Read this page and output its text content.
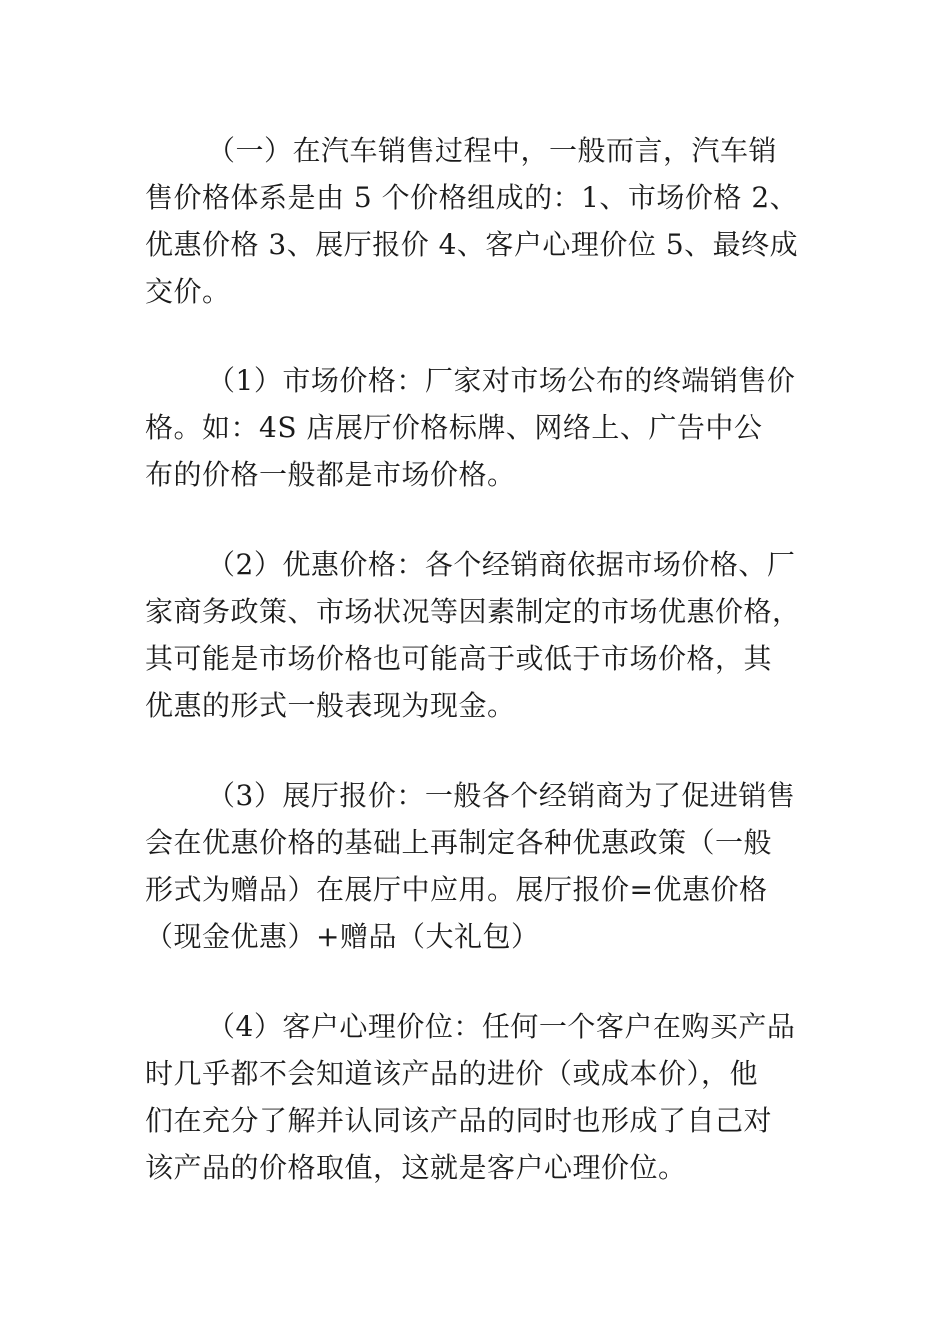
（一）在汽车销售过程中，一般而言，汽车销
售价格体系是由 5 个价格组成的：1、市场价格 2、
优惠价格 3、展厅报价 4、客户心理价位 5、最终成
交价。
（1）市场价格：厂家对市场公布的终端销售价
格。如：4S 店展厅价格标牌、网络上、广告中公
布的价格一般都是市场价格。
（2）优惠价格：各个经销商依据市场价格、厂
家商务政策、市场状况等因素制定的市场优惠价格，
其可能是市场价格也可能高于或低于市场价格，其
优惠的形式一般表现为现金。
（3）展厅报价：一般各个经销商为了促进销售
会在优惠价格的基础上再制定各种优惠政策（一般
形式为赠品）在展厅中应用。展厅报价=优惠价格
（现金优惠）+赠品（大礼包）
（4）客户心理价位：任何一个客户在购买产品
时几乎都不会知道该产品的进价（或成本价），他
们在充分了解并认同该产品的同时也形成了自己对
该产品的价格取值，这就是客户心理价位。
